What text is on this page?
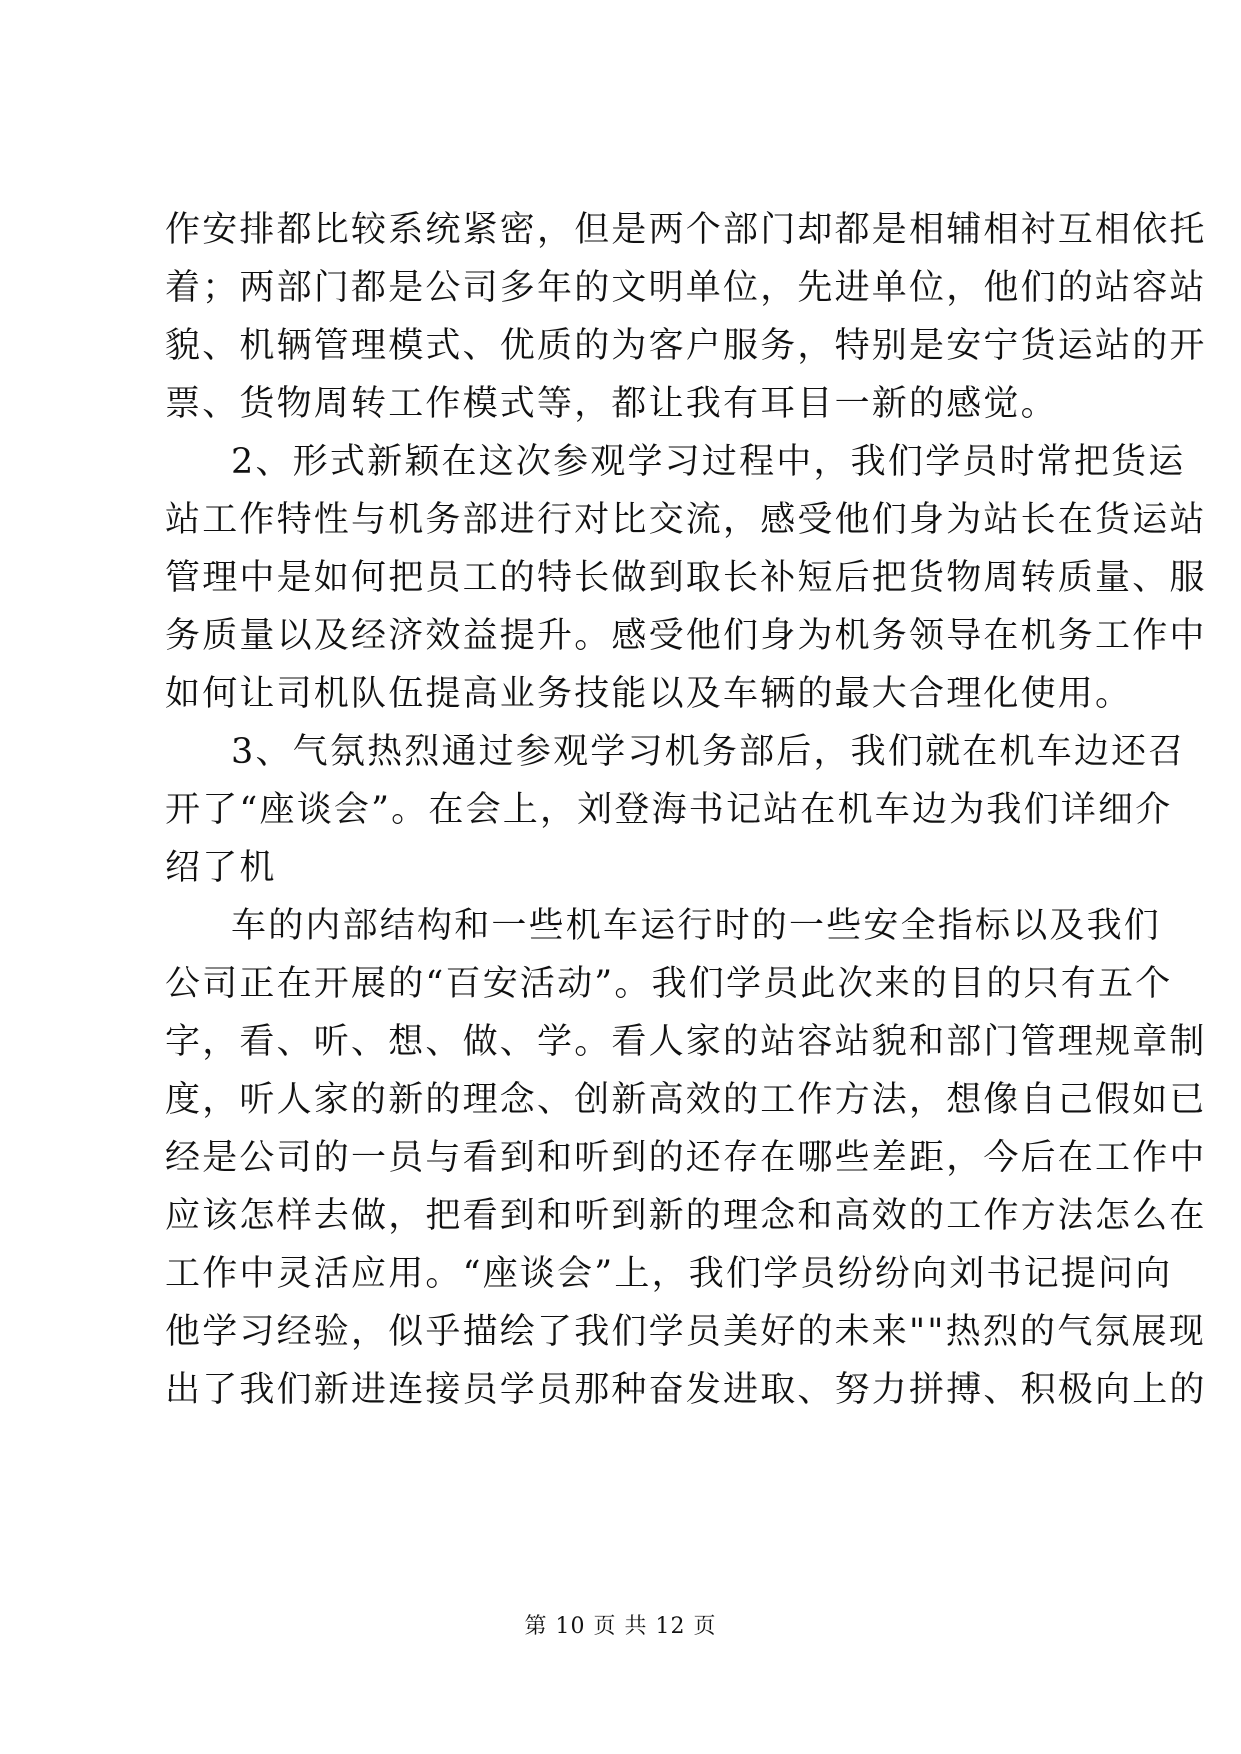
作安排都比较系统紧密，但是两个部门却都是相辅相衬互相依托
着；两部门都是公司多年的文明单位，先进单位，他们的站容站
貌、机辆管理模式、优质的为客户服务，特别是安宁货运站的开
票、货物周转工作模式等，都让我有耳目一新的感觉。
2、形式新颖在这次参观学习过程中，我们学员时常把货运
站工作特性与机务部进行对比交流，感受他们身为站长在货运站
管理中是如何把员工的特长做到取长补短后把货物周转质量、服
务质量以及经济效益提升。感受他们身为机务领导在机务工作中
如何让司机队伍提高业务技能以及车辆的最大合理化使用。
3、气氛热烈通过参观学习机务部后，我们就在机车边还召
开了“座谈会”。在会上，刘登海书记站在机车边为我们详细介
绍了机
车的内部结构和一些机车运行时的一些安全指标以及我们
公司正在开展的“百安活动”。我们学员此次来的目的只有五个
字，看、听、想、做、学。看人家的站容站貌和部门管理规章制
度，听人家的新的理念、创新高效的工作方法，想像自己假如已
经是公司的一员与看到和听到的还存在哪些差距，今后在工作中
应该怎样去做，把看到和听到新的理念和高效的工作方法怎么在
工作中灵活应用。“座谈会”上，我们学员纷纷向刘书记提问向
他学习经验，似乎描绘了我们学员美好的未来""热烈的气氛展现
出了我们新进连接员学员那种奋发进取、努力拼搏、积极向上的
第 10 页 共 12 页
